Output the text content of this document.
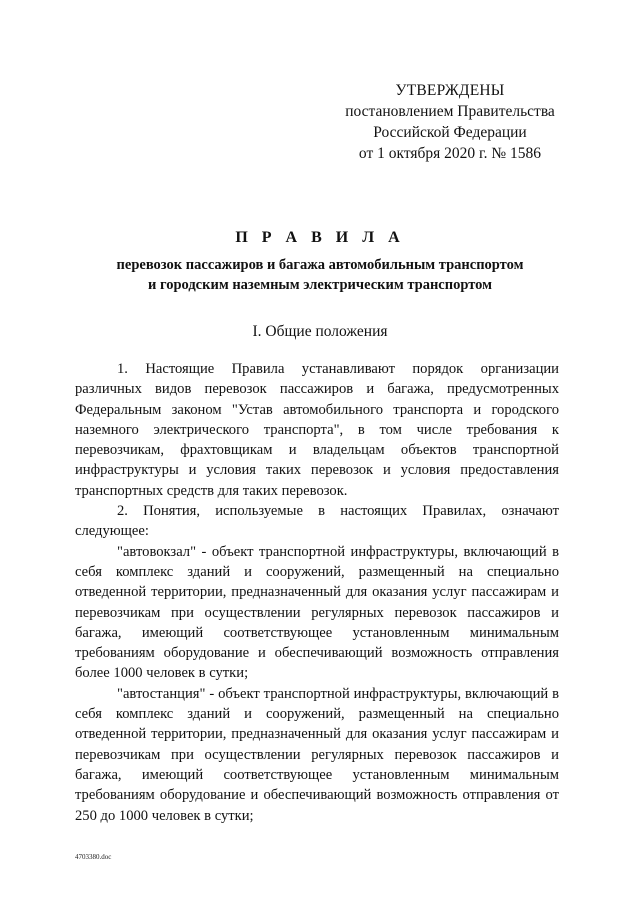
УТВЕРЖДЕНЫ
постановлением Правительства
Российской Федерации
от 1 октября 2020 г. № 1586
П Р А В И Л А
перевозок пассажиров и багажа автомобильным транспортом
и городским наземным электрическим транспортом
I. Общие положения

1. Настоящие Правила устанавливают порядок организации различных видов перевозок пассажиров и багажа, предусмотренных Федеральным законом "Устав автомобильного транспорта и городского наземного электрического транспорта", в том числе требования к перевозчикам, фрахтовщикам и владельцам объектов транспортной инфраструктуры и условия таких перевозок и условия предоставления транспортных средств для таких перевозок.

2. Понятия, используемые в настоящих Правилах, означают следующее:

"автовокзал" - объект транспортной инфраструктуры, включающий в себя комплекс зданий и сооружений, размещенный на специально отведенной территории, предназначенный для оказания услуг пассажирам и перевозчикам при осуществлении регулярных перевозок пассажиров и багажа, имеющий соответствующее установленным минимальным требованиям оборудование и обеспечивающий возможность отправления более 1000 человек в сутки;

"автостанция" - объект транспортной инфраструктуры, включающий в себя комплекс зданий и сооружений, размещенный на специально отведенной территории, предназначенный для оказания услуг пассажирам и перевозчикам при осуществлении регулярных перевозок пассажиров и багажа, имеющий соответствующее установленным минимальным требованиям оборудование и обеспечивающий возможность отправления от 250 до 1000 человек в сутки;

4703380.doc
